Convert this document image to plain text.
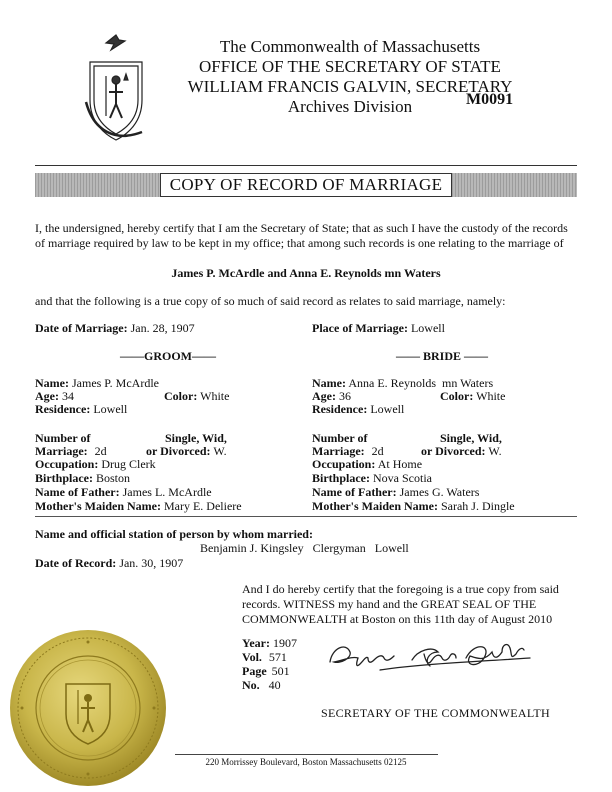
The Commonwealth of Massachusetts
OFFICE OF THE SECRETARY OF STATE
WILLIAM FRANCIS GALVIN, SECRETARY
Archives Division	M0091
COPY OF RECORD OF MARRIAGE
I, the undersigned, hereby certify that I am the Secretary of State; that as such I have the custody of the records of marriage required by law to be kept in my office; that among such records is one relating to the marriage of
James P. McArdle and Anna E. Reynolds mn Waters
and that the following is a true copy of so much of said record as relates to said marriage, namely:
Date of Marriage: Jan. 28, 1907	Place of Marriage: Lowell
——GROOM——	—— BRIDE ——
Name: James P. McArdle
Age: 34	Color: White
Residence: Lowell
Number of	Single, Wid,
Marriage: 2d	or Divorced: W.
Occupation: Drug Clerk
Birthplace: Boston
Name of Father: James L. McArdle
Mother's Maiden Name: Mary E. Deliere
Name: Anna E. Reynolds  mn Waters
Age: 36	Color: White
Residence: Lowell
Number of	Single, Wid,
Marriage: 2d	or Divorced: W.
Occupation: At Home
Birthplace: Nova Scotia
Name of Father: James G. Waters
Mother's Maiden Name: Sarah J. Dingle
Name and official station of person by whom married:
Benjamin J. Kingsley   Clergyman   Lowell
Date of Record: Jan. 30, 1907
And I do hereby certify that the foregoing is a true copy from said records. WITNESS my hand and the GREAT SEAL OF THE COMMONWEALTH at Boston on this 11th day of August 2010
Year: 1907
Vol. 571
Page 501
No. 40
SECRETARY OF THE COMMONWEALTH
220 Morrissey Boulevard, Boston Massachusetts 02125
